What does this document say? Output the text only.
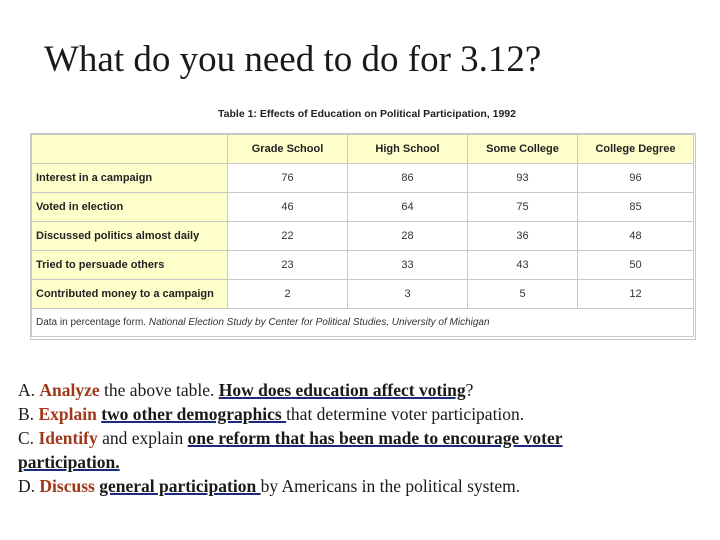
What do you need to do for 3.12?
Table 1: Effects of Education on Political Participation, 1992
	Grade School	High School	Some College	College Degree
Interest in a campaign	76	86	93	96
Voted in election	46	64	75	85
Discussed politics almost daily	22	28	36	48
Tried to persuade others	23	33	43	50
Contributed money to a campaign	2	3	5	12
Data in percentage form. National Election Study by Center for Political Studies, University of Michigan				
A. Analyze the above table. How does education affect voting?
B. Explain two other demographics that determine voter participation.
C. Identify and explain one reform that has been made to encourage voter
participation.
D. Discuss general participation by Americans in the political system.
